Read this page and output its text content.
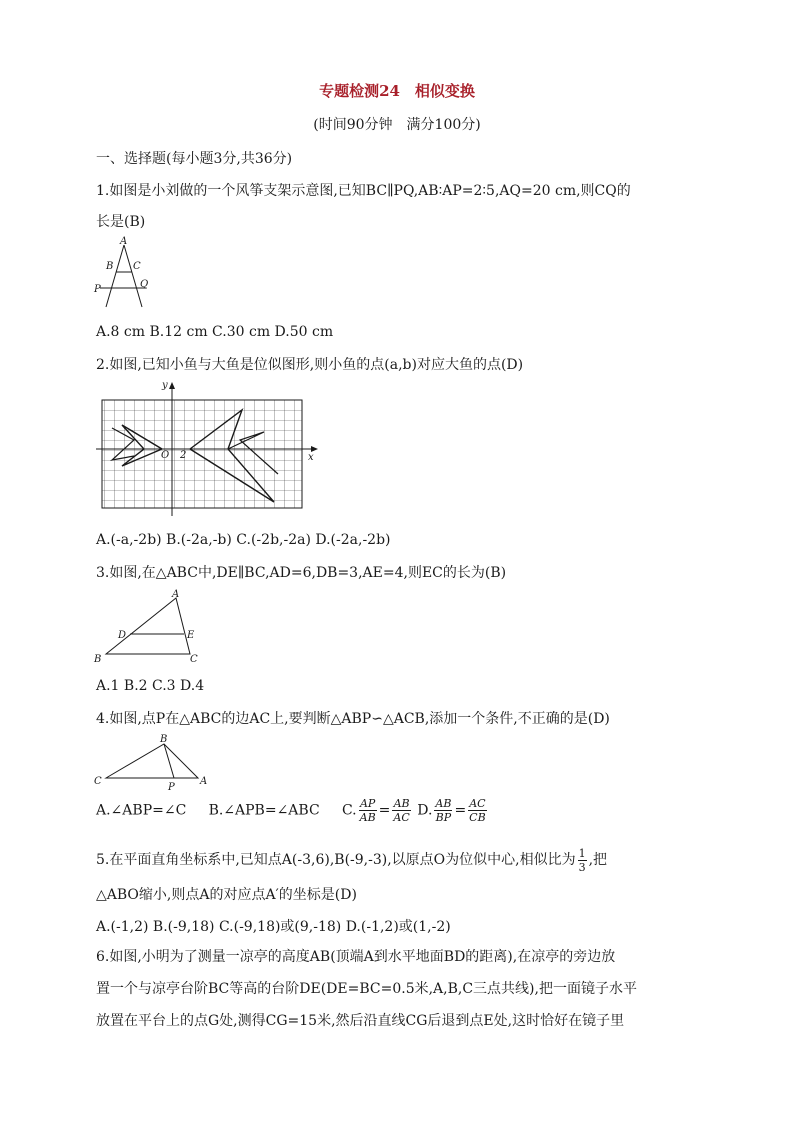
专题检测24　相似变换
(时间90分钟　满分100分)
一、选择题(每小题3分,共36分)
1.如图是小刘做的一个风筝支架示意图,已知BC∥PQ,AB∶AP=2∶5,AQ=20 cm,则CQ的
长是(B)
A
B C
P	Q
A.8 cm B.12 cm C.30 cm D.50 cm
2.如图,已知小鱼与大鱼是位似图形,则小鱼的点(a,b)对应大鱼的点(D)
y
x
O 2
A.(-a,-2b) B.(-2a,-b) C.(-2b,-2a) D.(-2a,-2b)
3.如图,在△ABC中,DE∥BC,AD=6,DB=3,AE=4,则EC的长为(B)
A
B	C
D	E
A.1 B.2 C.3 D.4
4.如图,点P在△ABC的边AC上,要判断△ABP∽△ACB,添加一个条件,不正确的是(D)
B
C	A
P
A.∠ABP=∠C B.∠APB=∠ABC C. $\frac{AP}{AB} = \frac{AB}{AC} D$. $\frac{AB}{BP} = \frac{AC}{CB}$
5.在平面直角坐标系中,已知点A(-3,6),B(-9,-3),以原点O为位似中心,相似比为 $\frac{1}{3}$ ,把
△ABO缩小,则点A的对应点A′的坐标是(D)
A.(-1,2) B.(-9,18) C.(-9,18)或(9,-18) D.(-1,2)或(1,-2)
6.如图,小明为了测量一凉亭的高度AB(顶端A到水平地面BD的距离),在凉亭的旁边放
置一个与凉亭台阶BC等高的台阶DE(DE=BC=0.5米,A,B,C三点共线),把一面镜子水平
放置在平台上的点G处,测得CG=15米,然后沿直线CG后退到点E处,这时恰好在镜子里
